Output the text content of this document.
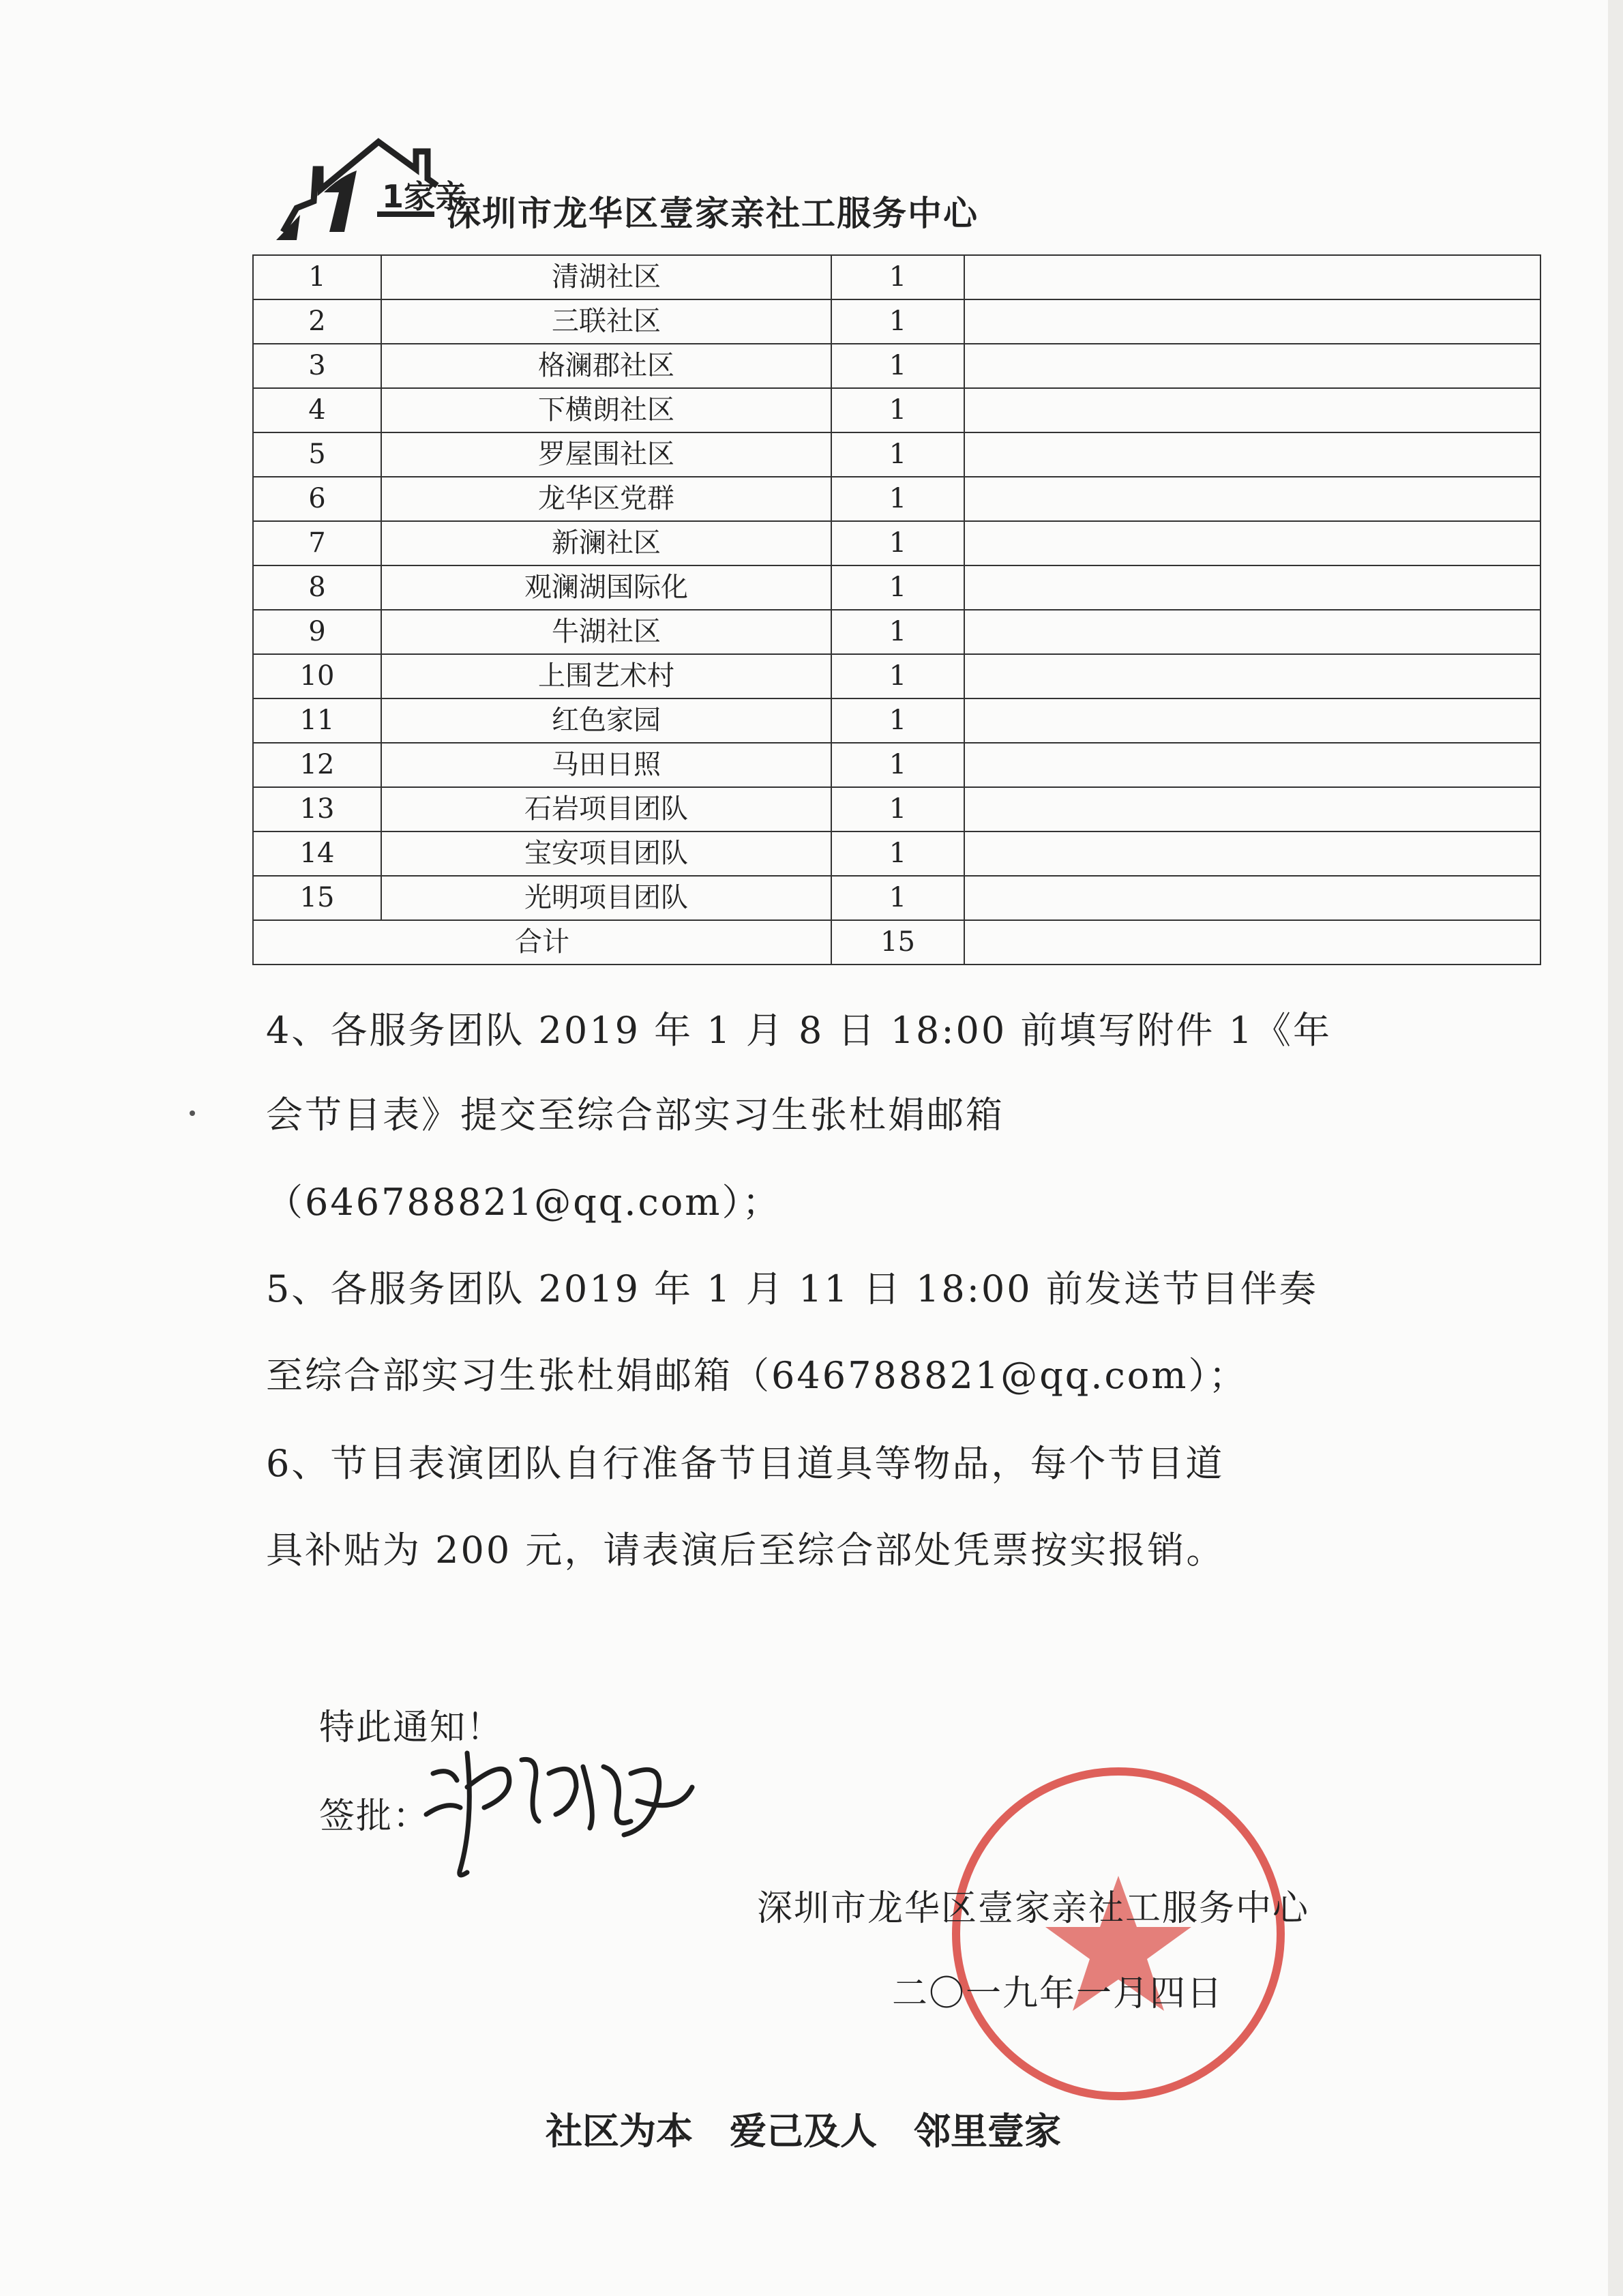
1家亲
深圳市龙华区壹家亲社工服务中心
1	清湖社区	1	
2	三联社区	1	
3	格澜郡社区	1	
4	下横朗社区	1	
5	罗屋围社区	1	
6	龙华区党群	1	
7	新澜社区	1	
8	观澜湖国际化	1	
9	牛湖社区	1	
10	上围艺术村	1	
11	红色家园	1	
12	马田日照	1	
13	石岩项目团队	1	
14	宝安项目团队	1	
15	光明项目团队	1	
合计		15	
4、各服务团队 2019 年 1 月 8 日 18:00 前填写附件 1《年
会节目表》提交至综合部实习生张杜娟邮箱
（646788821@qq.com）；
5、各服务团队 2019 年 1 月 11 日 18:00 前发送节目伴奏
至综合部实习生张杜娟邮箱（646788821@qq.com）；
6、节目表演团队自行准备节目道具等物品，每个节目道
具补贴为 200 元，请表演后至综合部处凭票按实报销。
特此通知！
签批：
深圳市龙华区壹家亲社工服务中心
二〇一九年一月四日
社区为本　爱己及人　邻里壹家
